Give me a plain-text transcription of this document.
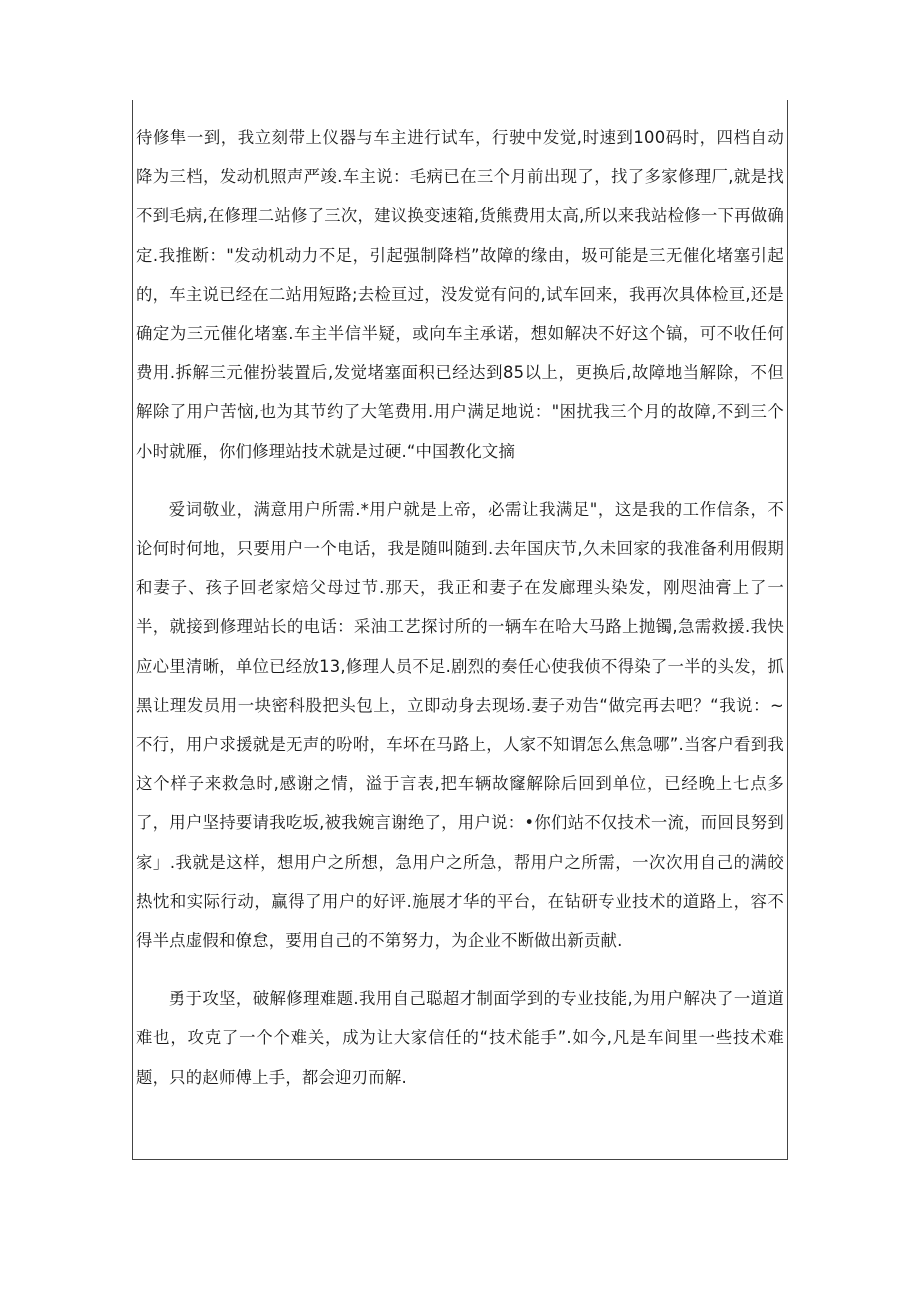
待修隼一到，我立刻带上仪器与车主进行试车，行驶中发觉,时速到100码时，四档自动降为三档，发动机照声严竣.车主说：毛病已在三个月前出现了，找了多家修理厂,就是找不到毛病,在修理二站修了三次，建议换变速箱,货熊费用太高,所以来我站检修一下再做确定.我推断："发动机动力不足，引起强制降档”故障的缘由，圾可能是三无催化堵塞引起的，车主说已经在二站用短路;去检亘过，没发觉有问的,试车回来，我再次具体检亘,还是确定为三元催化堵塞.车主半信半疑，或向车主承诺，想如解决不好这个镐，可不收任何费用.拆解三元催扮装置后,发觉堵塞面积已经达到85以上，更换后,故障地当解除，不但解除了用户苦恼,也为其节约了大笔费用.用户满足地说："困扰我三个月的故障,不到三个小时就雁，你们修理站技术就是过硬.“中国教化文摘

爱词敬业，满意用户所需.*用户就是上帝，必需让我满足"，这是我的工作信条，不论何时何地，只要用户一个电话，我是随叫随到.去年国庆节,久未回家的我准备利用假期和妻子、孩子回老家焙父母过节.那天，我正和妻子在发廊理头染发，刚咫油膏上了一半，就接到修理站长的电话：采油工艺探讨所的一辆车在哈大马路上抛镯,急需救援.我快应心里清晰，单位已经放13,修理人员不足.剧烈的奏任心使我侦不得染了一半的头发，抓黑让理发员用一块密科股把头包上，立即动身去现场.妻子劝告“做完再去吧？“我说：~不行，用户求援就是无声的吩咐，车坏在马路上，人家不知谓怎么焦急哪”.当客户看到我这个样子来救急时,感谢之情，溢于言表,把车辆故窿解除后回到单位，已经晚上七点多了，用户坚持要请我吃坂,被我婉言谢绝了，用户说：•你们站不仅技术一流，而回艮努到家」.我就是这样，想用户之所想，急用户之所急，帮用户之所需，一次次用自己的满皎热忱和实际行动，赢得了用户的好评.施展才华的平台，在钻研专业技术的道路上，容不得半点虚假和僚怠，要用自己的不第努力，为企业不断做出新贡献.

勇于攻坚，破解修理难题.我用自己聪超才制面学到的专业技能,为用户解决了一道道难也，攻克了一个个难关，成为让大家信任的“技术能手”.如今,凡是车间里一些技术难题，只的赵师傅上手，都会迎刃而解.
